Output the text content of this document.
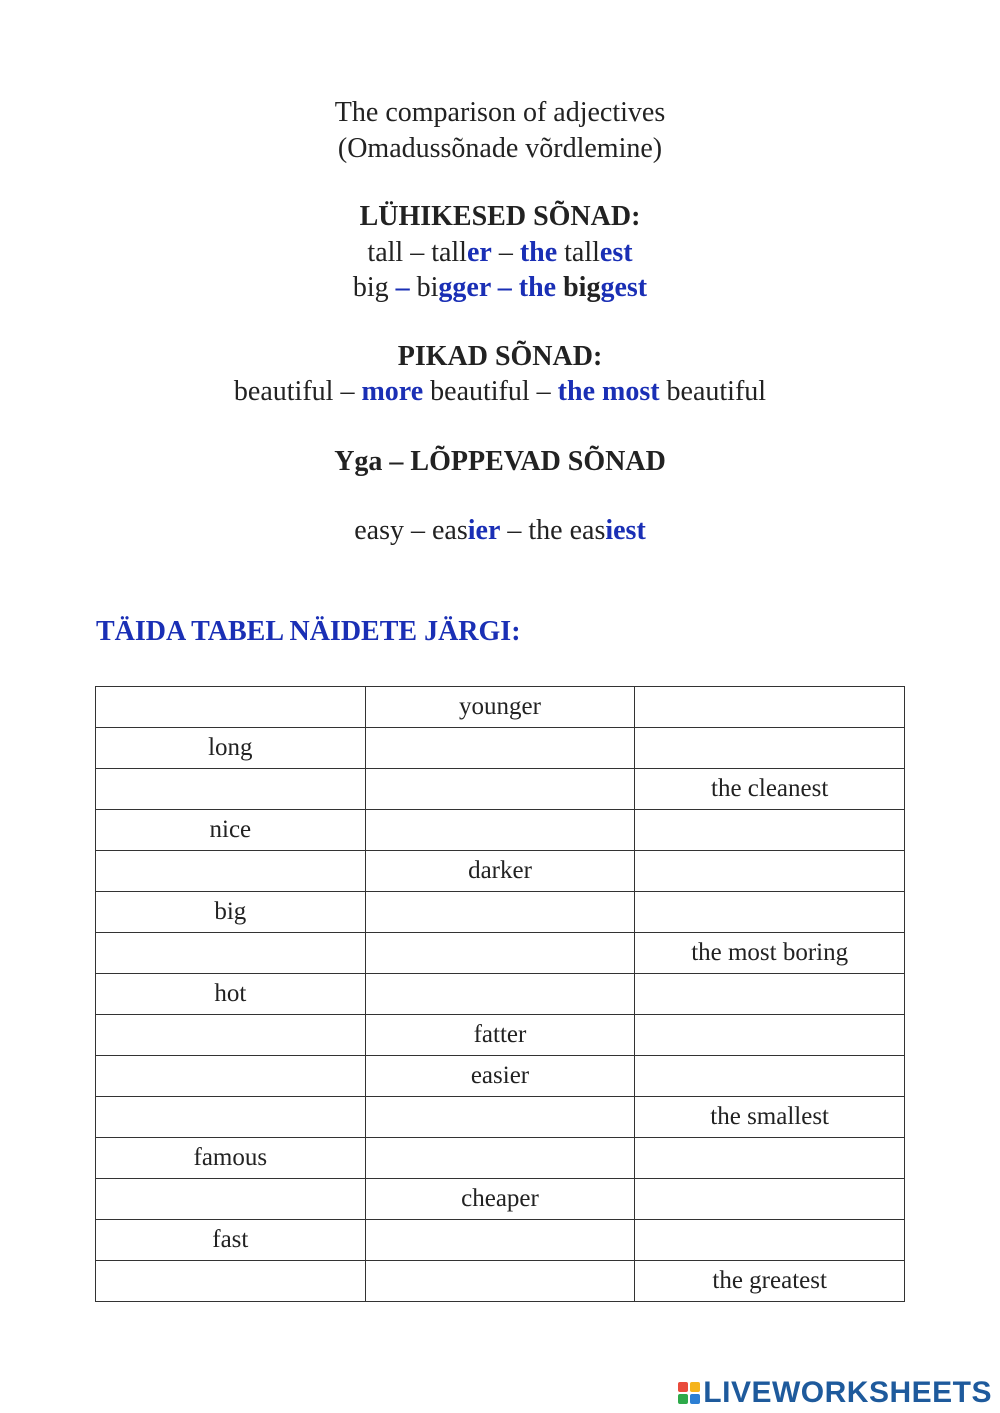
The comparison of adjectives
(Omadussõnade võrdlemine)
LÜHIKESED SÕNAD:
tall – taller – the tallest
big – bigger – the biggest
PIKAD SÕNAD:
beautiful – more beautiful – the most beautiful
Yga – LÕPPEVAD SÕNAD
easy – easier – the easiest
TÄIDA TABEL NÄIDETE JÄRGI:
	younger	
long		
		the cleanest
nice		
	darker	
big		
		the most boring
hot		
	fatter	
	easier	
		the smallest
famous		
	cheaper	
fast		
		the greatest
LIVEWORKSHEETS
